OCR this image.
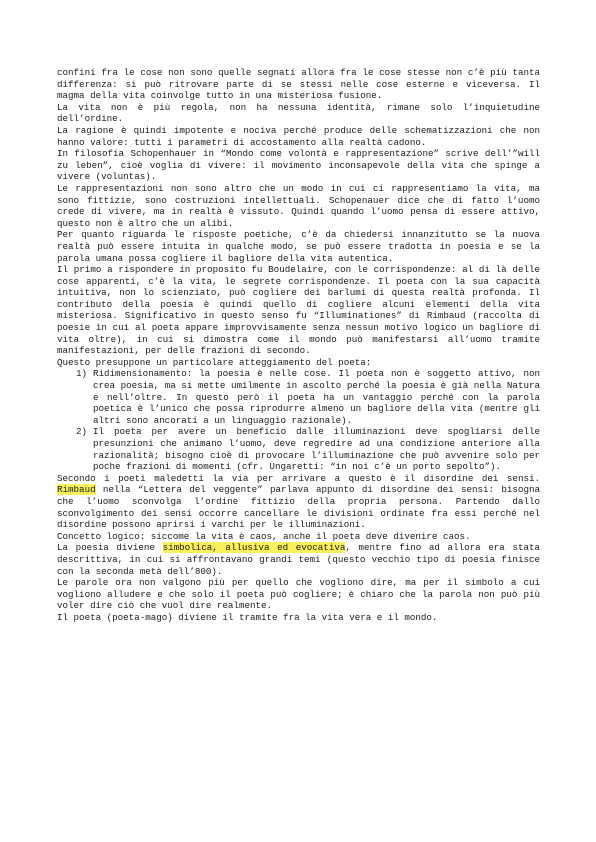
confini fra le cose non sono quelle segnati allora fra le cose stesse non c’è più tanta differenza: si può ritrovare parte di se stessi nelle cose esterne e viceversa. Il magma della vita coinvolge tutto in una misteriosa fusione.

La vita non è più regola, non ha nessuna identità, rimane solo l’inquietudine dell’ordine.

La ragione è quindi impotente e nociva perché produce delle schematizzazioni che non hanno valore: tutti i parametri di accostamento alla realtà cadono.

In filosofia Schopenhauer in “Mondo come volontà e rappresentazione” scrive dell’”will zu leben”, cioè voglia di vivere: il movimento inconsapevole della vita che spinge a vivere (voluntas).

Le rappresentazioni non sono altro che un modo in cui ci rappresentiamo la vita, ma sono fittizie, sono costruzioni intellettuali. Schopenauer dice che di fatto l’uomo crede di vivere, ma in realtà è vissuto. Quindi quando l’uomo pensa di essere attivo, questo non è altro che un alibi.

Per quanto riguarda le risposte poetiche, c’è da chiedersi innanzitutto se la nuova realtà può essere intuita in qualche modo, se può essere tradotta in poesia e se la parola umana possa cogliere il bagliore della vita autentica.

Il primo a rispondere in proposito fu Boudelaire, con le corrispondenze: al di là delle cose apparenti, c’è la vita, le segrete corrispondenze. Il poeta con la sua capacità intuitiva, non lo scienziato, può cogliere dei barlumi di questa realtà profonda. Il contributo della poesia è quindi quello di cogliere alcuni elementi della vita misteriosa. Significativo in questo senso fu “Illuminationes” di Rimbaud (raccolta di poesie in cui al poeta appare improvvisamente senza nessun motivo logico un bagliore di vita oltre), in cui si dimostra come il mondo può manifestarsi all’uomo tramite manifestazioni, per delle frazioni di secondo.

Questo presuppone un particolare atteggiamento del poeta:

1) Ridimensionamento: la poesia è nelle cose. Il poeta non è soggetto attivo, non crea poesia, ma si mette umilmente in ascolto perché la poesia è già nella Natura e nell’oltre. In questo però il poeta ha un vantaggio perché con la parola poetica è l’unico che possa riprodurre almeno un bagliore della vita (mentre gli altri sono ancorati a un linguaggio razionale).
2) Il poeta per avere un beneficio dalle illuminazioni deve spogliarsi delle presunzioni che animano l’uomo, deve regredire ad una condizione anteriore alla razionalità; bisogno cioè di provocare l’illuminazione che può avvenire solo per poche frazioni di momenti (cfr. Ungaretti: “in noi c’è un porto sepolto”).

Secondo i poeti maledetti la via per arrivare a questo è il disordine dei sensi. Rimbaud nella “Lettera del veggente” parlava appunto di disordine dei sensi: bisogna che l’uomo sconvolga l’ordine fittizio della propria persona. Partendo dallo sconvolgimento dei sensi occorre cancellare le divisioni ordinate fra essi perché nel disordine possono aprirsi i varchi per le illuminazioni.

Concetto logico: siccome la vita è caos, anche il poeta deve divenire caos.

La poesia diviene simbolica, allusiva ed evocativa, mentre fino ad allora era stata descrittiva, in cui si affrontavano grandi temi (questo vecchio tipo di poesia finisce con la seconda metà dell’800).

Le parole ora non valgono più per quello che vogliono dire, ma per il simbolo a cui vogliono alludere e che solo il poeta può cogliere; è chiaro che la parola non può più voler dire ciò che vuol dire realmente.

Il poeta (poeta-mago) diviene il tramite fra la vita vera e il mondo.
